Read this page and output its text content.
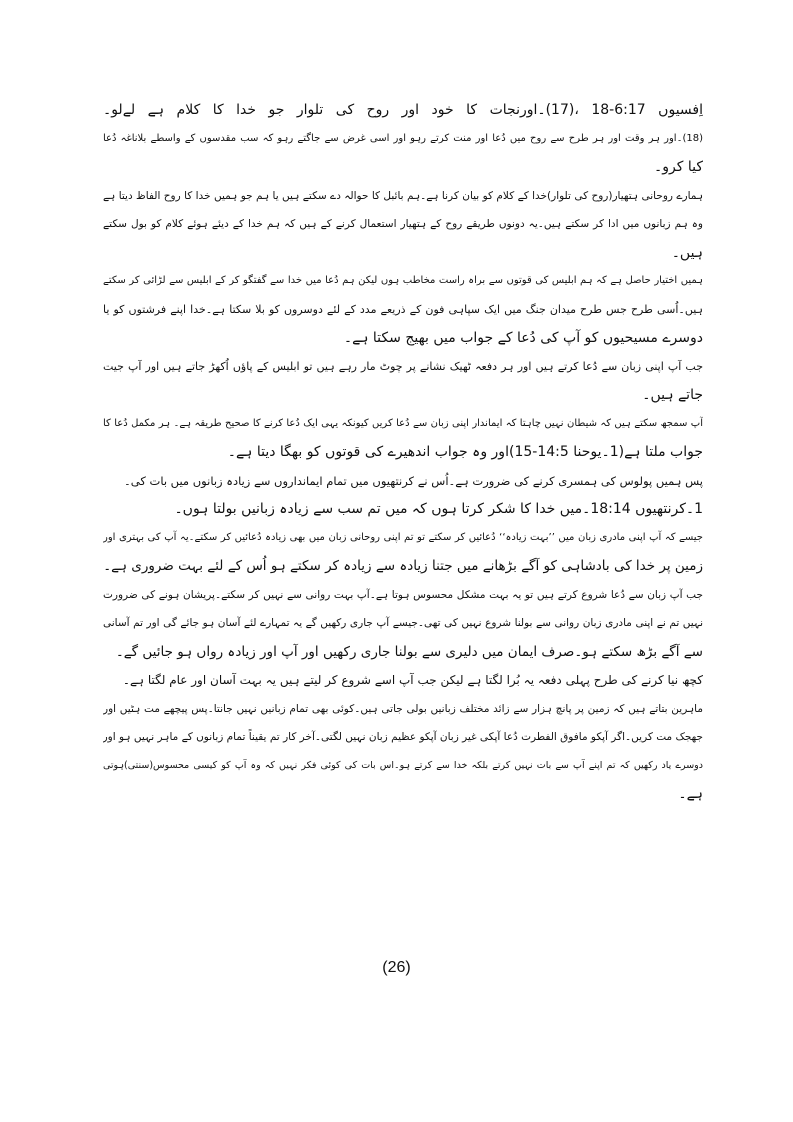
اِفسیوں 6:17-18 ،(17)۔اورنجات کا خود اور روح کی تلوار جو خدا کا کلام ہے لےلو۔
(18)۔اور ہر وقت اور ہر طرح سے روح میں دُعا اور منت کرتے رہو اور اسی غرض سے جاگتے رہو کہ سب مقدسوں کے واسطے بلاناغہ دُعا
کیا کرو۔
ہمارے روحانی ہتھیار(روح کی تلوار)خدا کے کلام کو بیان کرنا ہے۔ہم بائبل کا حوالہ دے سکتے ہیں یا ہم جو ہمیں خدا کا روح الفاظ دیتا ہے
وہ ہم زبانوں میں ادا کر سکتے ہیں۔یہ دونوں طریقے روح کے ہتھیار استعمال کرنے کے ہیں کہ ہم خدا کے دیئے ہوئے کلام کو بول سکتے
ہیں۔
ہمیں اختیار حاصل ہے کہ ہم ابلیس کی قوتوں سے براہ راست مخاطب ہوں لیکن ہم دُعا میں خدا سے گفتگو کر کے ابلیس سے لڑائی کر سکتے
ہیں۔اُسی طرح جس طرح میدان جنگ میں ایک سپاہی فون کے ذریعے مدد کے لئے دوسروں کو بلا سکتا ہے۔خدا اپنے فرشتوں کو یا
دوسرے مسیحیوں کو آپ کی دُعا کے جواب میں بھیج سکتا ہے۔
جب آپ اپنی زبان سے دُعا کرتے ہیں اور ہر دفعہ ٹھیک نشانے پر چوٹ مار رہے ہیں تو ابلیس کے پاؤں اُکھڑ جاتے ہیں اور آپ جیت
جاتے ہیں۔
آپ سمجھ سکتے ہیں کہ شیطان نہیں چاہتا کہ ایماندار اپنی زبان سے دُعا کریں کیونکہ یہی ایک دُعا کرنے کا صحیح طریقہ ہے۔ ہر مکمل دُعا کا
جواب ملتا ہے(1۔یوحنا 14:5-15)اور وہ جواب اندھیرے کی قوتوں کو بھگا دیتا ہے۔
پس ہمیں پولوس کی ہمسری کرنے کی ضرورت ہے۔اُس نے کرنتھیوں میں تمام ایمانداروں سے زیادہ زبانوں میں بات کی۔
1۔کرنتھیوں 18:14۔میں خدا کا شکر کرتا ہوں کہ میں تم سب سے زیادہ زبانیں بولتا ہوں۔
جیسے کہ آپ اپنی مادری زبان میں ’’بہت زیادہ‘‘ دُعائیں کر سکتے تو تم اپنی روحانی زبان میں بھی زیادہ دُعائیں کر سکتے۔یہ آپ کی بہتری اور
زمین پر خدا کی بادشاہی کو آگے بڑھانے میں جتنا زیادہ سے زیادہ کر سکتے ہو اُس کے لئے بہت ضروری ہے۔
جب آپ زبان سے دُعا شروع کرتے ہیں تو یہ بہت مشکل محسوس ہوتا ہے۔آپ بہت روانی سے نہیں کر سکتے۔پریشان ہونے کی ضرورت
نہیں تم نے اپنی مادری زبان روانی سے بولنا شروع نہیں کی تھی۔جیسے آپ جاری رکھیں گے یہ تمہارے لئے آسان ہو جائے گی اور تم آسانی
سے آگے بڑھ سکتے ہو۔صرف ایمان میں دلیری سے بولنا جاری رکھیں اور آپ اور زیادہ رواں ہو جائیں گے۔
کچھ نیا کرنے کی طرح پہلی دفعہ یہ بُرا لگتا ہے لیکن جب آپ اسے شروع کر لیتے ہیں یہ بہت آسان اور عام لگتا ہے۔
ماہرین بتاتے ہیں کہ زمین پر پانچ ہزار سے زائد مختلف زبانیں بولی جاتی ہیں۔کوئی بھی تمام زبانیں نہیں جانتا۔پس پیچھے مت ہٹیں اور
جھجک مت کریں۔اگر آپکو مافوق الفطرت دُعا آپکی غیر زبان آپکو عظیم زبان نہیں لگتی۔آخر کار تم یقیناً تمام زبانوں کے ماہر نہیں ہو اور
دوسرے یاد رکھیں کہ تم اپنے آپ سے بات نہیں کرتے بلکہ خدا سے کرتے ہو۔اس بات کی کوئی فکر نہیں کہ وہ آپ کو کیسی محسوس(سنتی)ہوتی
ہے۔
(26)
